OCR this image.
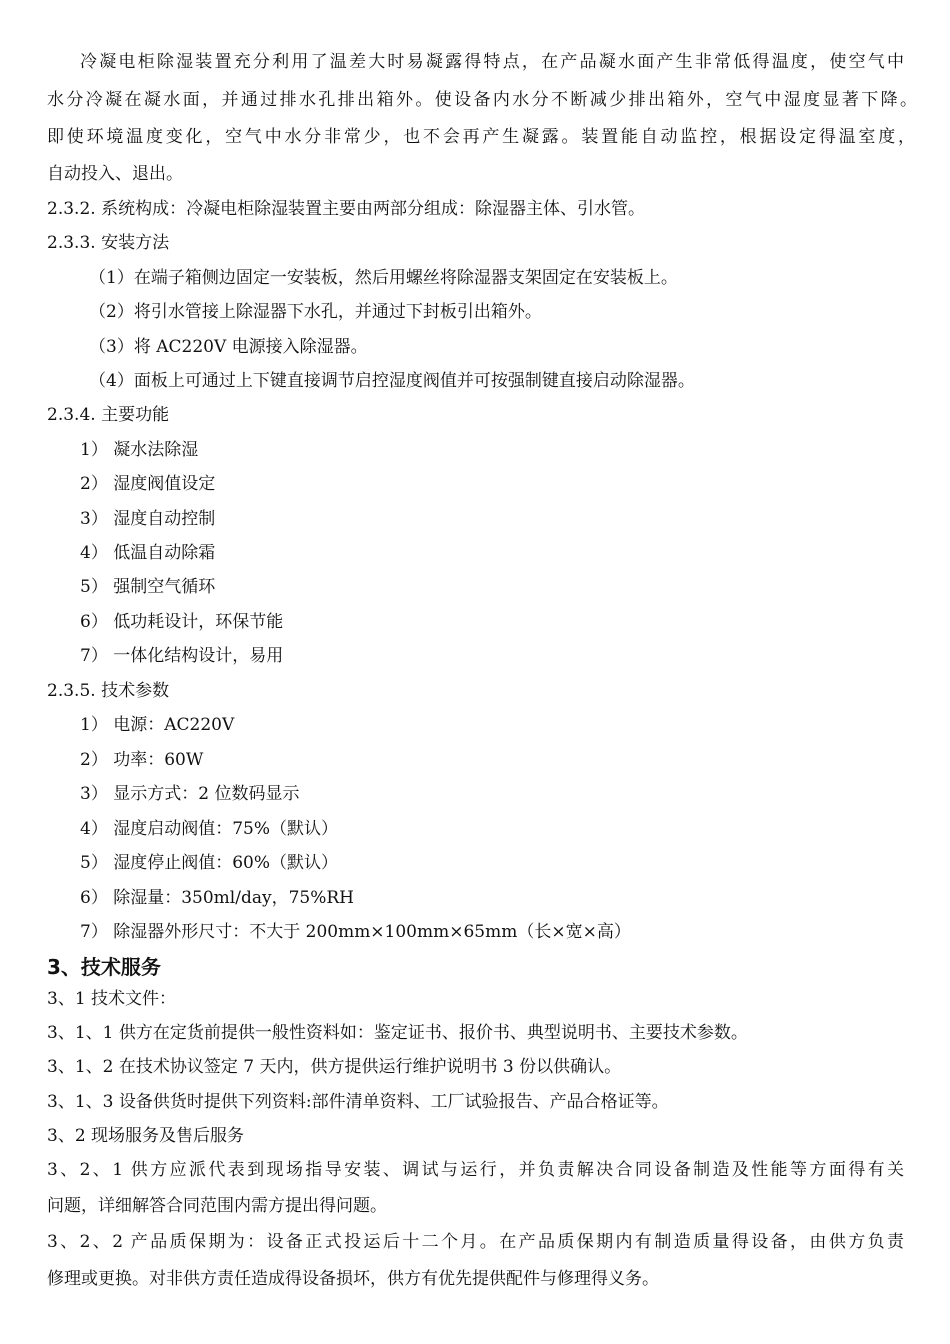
冷凝电柜除湿装置充分利用了温差大时易凝露得特点，在产品凝水面产生非常低得温度，使空气中
水分冷凝在凝水面，并通过排水孔排出箱外。使设备内水分不断减少排出箱外，空气中湿度显著下降。
即使环境温度变化，空气中水分非常少，也不会再产生凝露。装置能自动监控，根据设定得温室度，
自动投入、退出。
2.3.2. 系统构成：冷凝电柜除湿装置主要由两部分组成：除湿器主体、引水管。
2.3.3. 安装方法
（1）在端子箱侧边固定一安装板，然后用螺丝将除湿器支架固定在安装板上。
（2）将引水管接上除湿器下水孔，并通过下封板引出箱外。
（3）将 AC220V 电源接入除湿器。
（4）面板上可通过上下键直接调节启控湿度阀值并可按强制键直接启动除湿器。
2.3.4. 主要功能
1） 凝水法除湿
2） 湿度阀值设定
3） 湿度自动控制
4） 低温自动除霜
5） 强制空气循环
6） 低功耗设计，环保节能
7） 一体化结构设计，易用
2.3.5. 技术参数
1） 电源：AC220V
2） 功率：60W
3） 显示方式：2 位数码显示
4） 湿度启动阀值：75%（默认）
5） 湿度停止阀值：60%（默认）
6） 除湿量：350ml/day，75%RH
7） 除湿器外形尺寸：不大于 200mm×100mm×65mm（长×宽×高）
3、技术服务
3、1 技术文件：
3、1、1 供方在定货前提供一般性资料如：鉴定证书、报价书、典型说明书、主要技术参数。
3、1、2 在技术协议签定 7 天内，供方提供运行维护说明书 3 份以供确认。
3、1、3 设备供货时提供下列资料:部件清单资料、工厂试验报告、产品合格证等。
3、2 现场服务及售后服务
3、2、1 供方应派代表到现场指导安装、调试与运行，并负责解决合同设备制造及性能等方面得有关
问题，详细解答合同范围内需方提出得问题。
3、2、2 产品质保期为：设备正式投运后十二个月。在产品质保期内有制造质量得设备，由供方负责
修理或更换。对非供方责任造成得设备损坏，供方有优先提供配件与修理得义务。
